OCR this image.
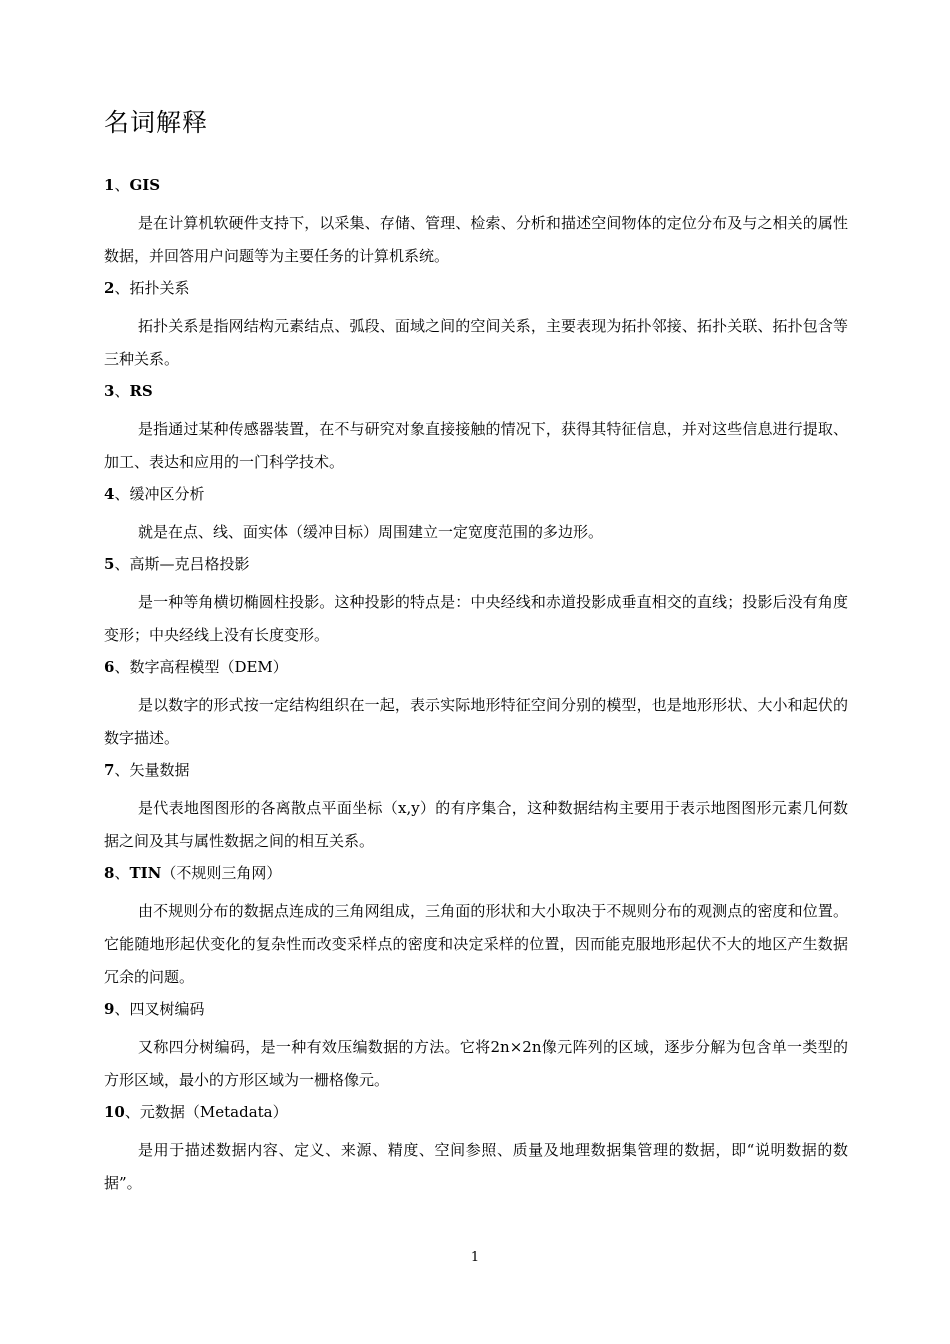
名词解释
1、GIS

是在计算机软硬件支持下，以采集、存储、管理、检索、分析和描述空间物体的定位分布及与之相关的属性数据，并回答用户问题等为主要任务的计算机系统。

2、拓扑关系

拓扑关系是指网结构元素结点、弧段、面域之间的空间关系，主要表现为拓扑邻接、拓扑关联、拓扑包含等三种关系。

3、RS

是指通过某种传感器装置，在不与研究对象直接接触的情况下，获得其特征信息，并对这些信息进行提取、加工、表达和应用的一门科学技术。

4、缓冲区分析

就是在点、线、面实体（缓冲目标）周围建立一定宽度范围的多边形。

5、高斯—克吕格投影

是一种等角横切椭圆柱投影。这种投影的特点是：中央经线和赤道投影成垂直相交的直线；投影后没有角度变形；中央经线上没有长度变形。

6、数字高程模型（DEM）

是以数字的形式按一定结构组织在一起，表示实际地形特征空间分别的模型，也是地形形状、大小和起伏的数字描述。

7、矢量数据

是代表地图图形的各离散点平面坐标（x,y）的有序集合，这种数据结构主要用于表示地图图形元素几何数据之间及其与属性数据之间的相互关系。

8、TIN（不规则三角网）

由不规则分布的数据点连成的三角网组成，三角面的形状和大小取决于不规则分布的观测点的密度和位置。它能随地形起伏变化的复杂性而改变采样点的密度和决定采样的位置，因而能克服地形起伏不大的地区产生数据冗余的问题。

9、四叉树编码

又称四分树编码，是一种有效压编数据的方法。它将2n×2n像元阵列的区域，逐步分解为包含单一类型的方形区域，最小的方形区域为一栅格像元。

10、元数据（Metadata）

是用于描述数据内容、定义、来源、精度、空间参照、质量及地理数据集管理的数据，即“说明数据的数据”。

1
